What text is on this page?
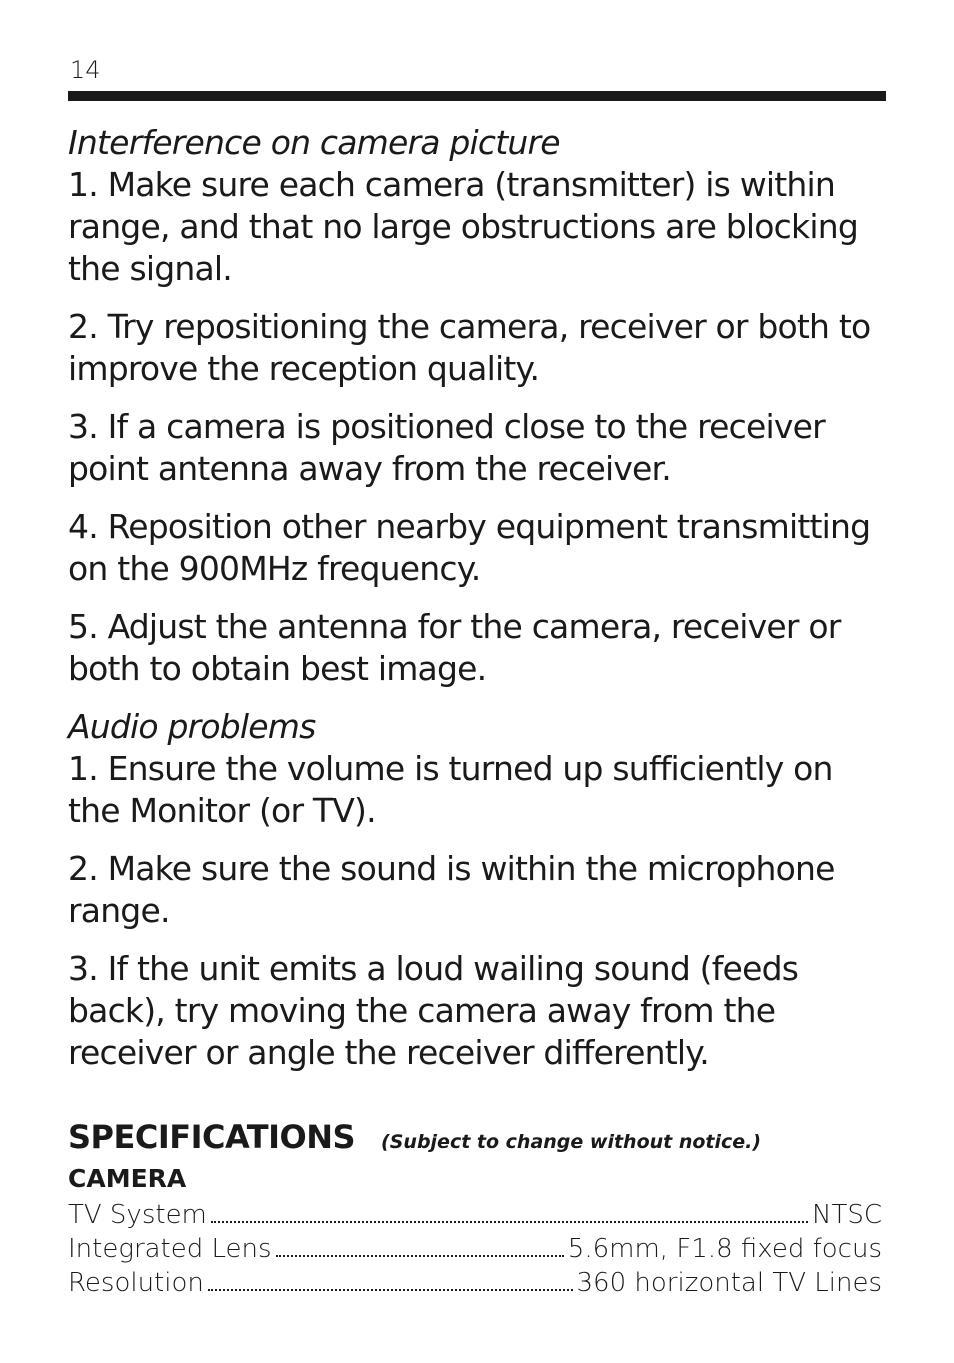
14

Interference on camera picture

1. Make sure each camera (transmitter) is within range, and that no large obstructions are blocking the signal.

2. Try repositioning the camera, receiver or both to improve the reception quality.

3. If a camera is positioned close to the receiver point antenna away from the receiver.

4. Reposition other nearby equipment transmitting on the 900MHz frequency.

5. Adjust the antenna for the camera, receiver or both to obtain best image.

Audio problems

1. Ensure the volume is turned up sufficiently on the Monitor (or TV).

2. Make sure the sound is within the microphone range.

3. If the unit emits a loud wailing sound (feeds back), try moving the camera away from the receiver or angle the receiver differently.

SPECIFICATIONS (Subject to change without notice.)
CAMERA
TV System	NTSC
Integrated Lens	5.6mm, F1.8 fixed focus
Resolution	360 horizontal TV Lines
